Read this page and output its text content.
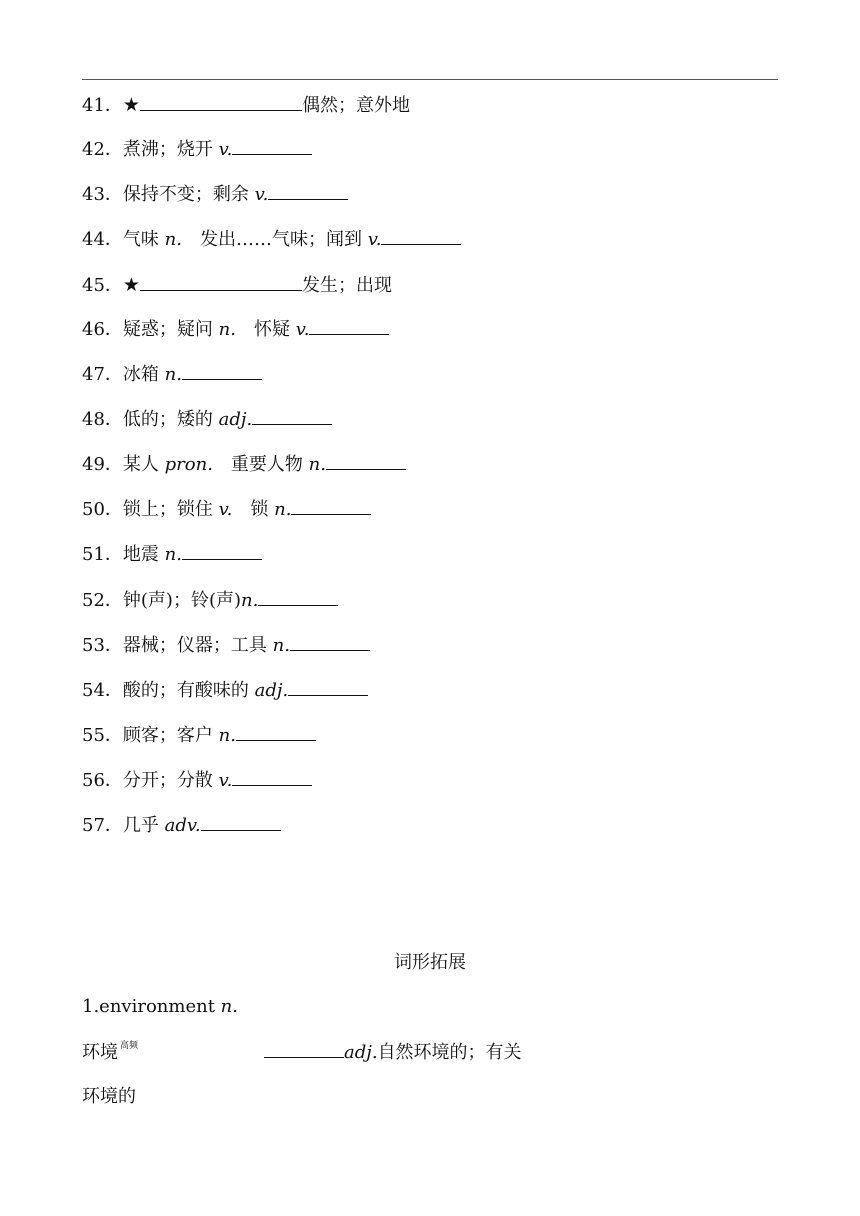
41．★	偶然；意外地
42．煮沸；烧开 v.
43．保持不变；剩余 v.
44．气味 n.　发出……气味；闻到 v.
45．★	发生；出现
46．疑惑；疑问 n.　怀疑 v.
47．冰箱 n.
48．低的；矮的 adj.
49．某人 pron.　重要人物 n.
50．锁上；锁住 v.　锁 n.
51．地震 n.
52．钟(声)；铃(声)n.
53．器械；仪器；工具 n.
54．酸的；有酸味的 adj.
55．顾客；客户 n.
56．分开；分散 v.
57．几乎 adv.
词形拓展
1.environment n.
环境 $^{高频}$	adj.自然环境的；有关
环境的
